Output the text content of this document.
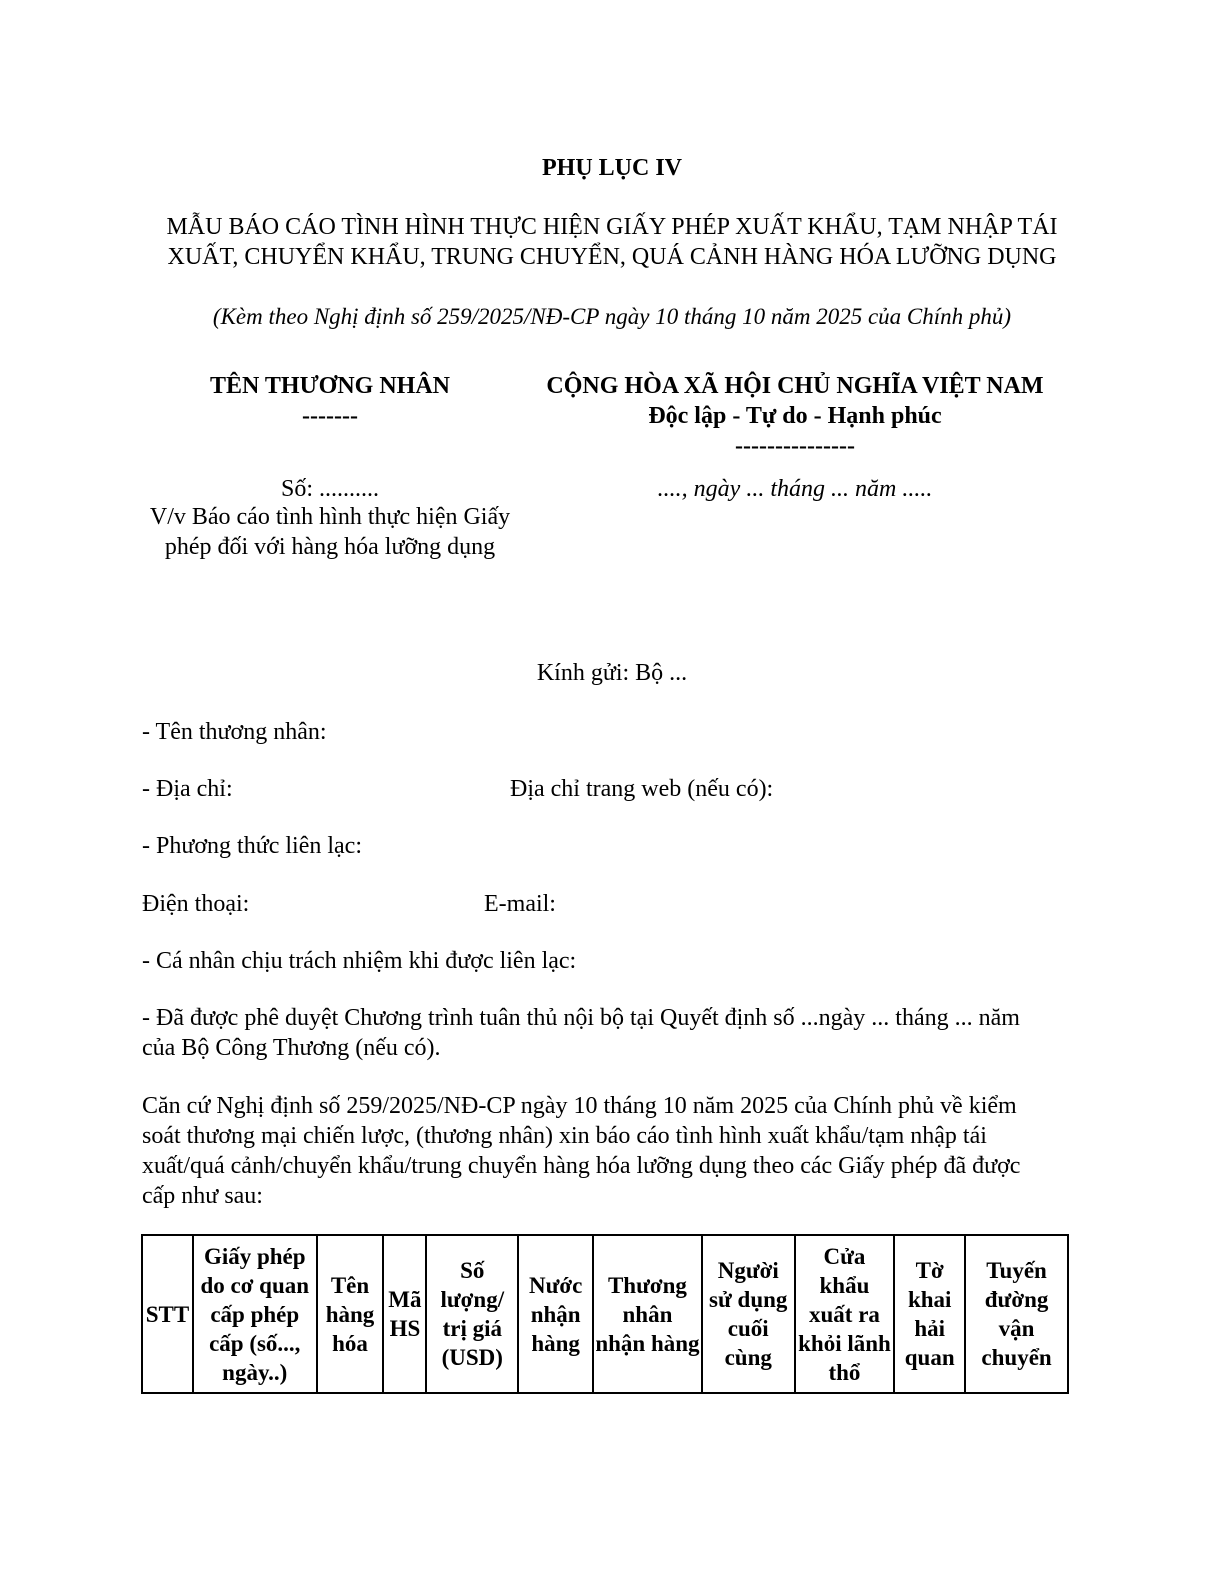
PHỤ LỤC IV
MẪU BÁO CÁO TÌNH HÌNH THỰC HIỆN GIẤY PHÉP XUẤT KHẨU, TẠM NHẬP TÁI XUẤT, CHUYỂN KHẨU, TRUNG CHUYỂN, QUÁ CẢNH HÀNG HÓA LƯỠNG DỤNG
(Kèm theo Nghị định số 259/2025/NĐ-CP ngày 10 tháng 10 năm 2025 của Chính phủ)
TÊN THƯƠNG NHÂN
-------
CỘNG HÒA XÃ HỘI CHỦ NGHĨA VIỆT NAM
Độc lập - Tự do - Hạnh phúc
---------------
Số: ..........
V/v Báo cáo tình hình thực hiện Giấy phép đối với hàng hóa lưỡng dụng
...., ngày ... tháng ... năm .....
Kính gửi: Bộ ...
- Tên thương nhân:
- Địa chỉ:	Địa chỉ trang web (nếu có):
- Phương thức liên lạc:
Điện thoại:	E-mail:
- Cá nhân chịu trách nhiệm khi được liên lạc:
- Đã được phê duyệt Chương trình tuân thủ nội bộ tại Quyết định số ...ngày ... tháng ... năm của Bộ Công Thương (nếu có).
Căn cứ Nghị định số 259/2025/NĐ-CP ngày 10 tháng 10 năm 2025 của Chính phủ về kiểm soát thương mại chiến lược, (thương nhân) xin báo cáo tình hình xuất khẩu/tạm nhập tái xuất/quá cảnh/chuyển khẩu/trung chuyển hàng hóa lưỡng dụng theo các Giấy phép đã được cấp như sau:
STT	Giấy phép do cơ quan cấp phép cấp (số..., ngày..)	Tên hàng hóa	Mã HS	Số lượng/ trị giá (USD)	Nước nhận hàng	Thương nhân nhận hàng	Người sử dụng cuối cùng	Cửa khẩu xuất ra khỏi lãnh thổ	Tờ khai hải quan	Tuyến đường vận chuyển
